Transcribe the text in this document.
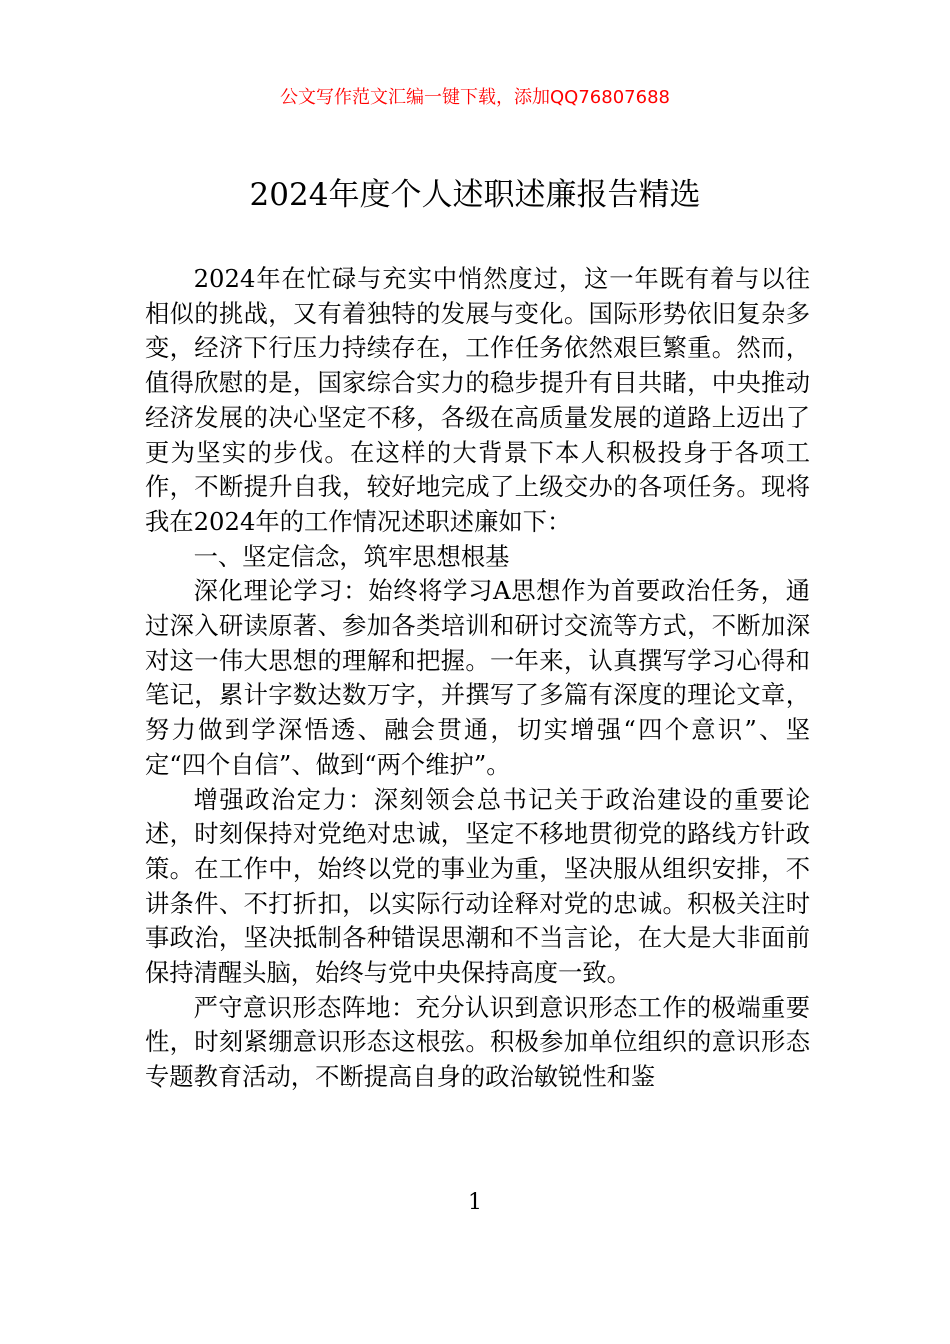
公文写作范文汇编一键下载，添加QQ76807688
2024年度个人述职述廉报告精选

2024年在忙碌与充实中悄然度过，这一年既有着与以往相似的挑战，又有着独特的发展与变化。国际形势依旧复杂多变，经济下行压力持续存在，工作任务依然艰巨繁重。然而，值得欣慰的是，国家综合实力的稳步提升有目共睹，中央推动经济发展的决心坚定不移，各级在高质量发展的道路上迈出了更为坚实的步伐。在这样的大背景下本人积极投身于各项工作，不断提升自我，较好地完成了上级交办的各项任务。现将我在2024年的工作情况述职述廉如下：

一、坚定信念，筑牢思想根基

深化理论学习：始终将学习A思想作为首要政治任务，通过深入研读原著、参加各类培训和研讨交流等方式，不断加深对这一伟大思想的理解和把握。一年来，认真撰写学习心得和笔记，累计字数达数万字，并撰写了多篇有深度的理论文章，努力做到学深悟透、融会贯通，切实增强“四个意识”、坚定“四个自信”、做到“两个维护”。

增强政治定力：深刻领会总书记关于政治建设的重要论述，时刻保持对党绝对忠诚，坚定不移地贯彻党的路线方针政策。在工作中，始终以党的事业为重，坚决服从组织安排，不讲条件、不打折扣，以实际行动诠释对党的忠诚。积极关注时事政治，坚决抵制各种错误思潮和不当言论，在大是大非面前保持清醒头脑，始终与党中央保持高度一致。

严守意识形态阵地：充分认识到意识形态工作的极端重要性，时刻紧绷意识形态这根弦。积极参加单位组织的意识形态专题教育活动，不断提高自身的政治敏锐性和鉴

1
